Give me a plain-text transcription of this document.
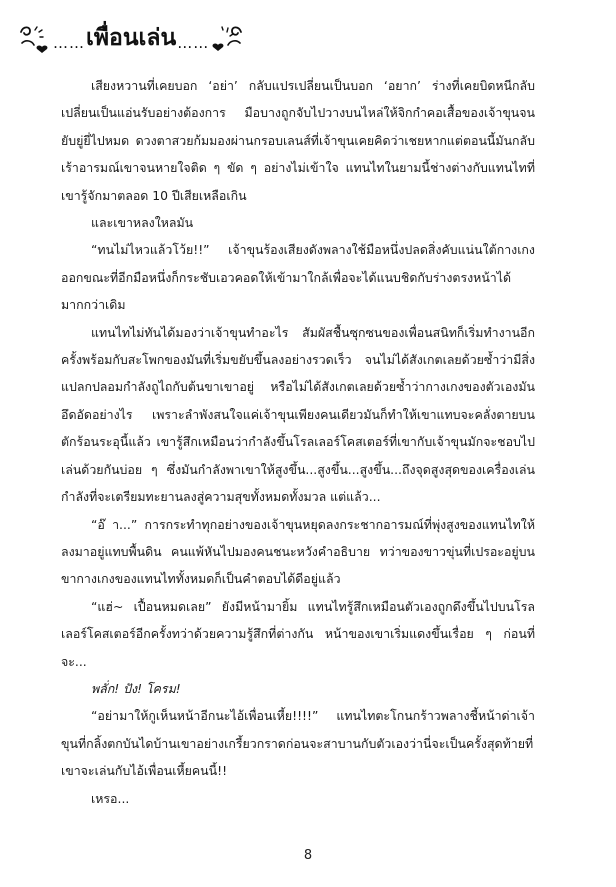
…… เพื่อนเล่น ……

เสียงหวานที่เคยบอก ‘อย่า’ กลับแปรเปลี่ยนเป็นบอก ‘อยาก’ ร่างที่เคยบิดหนีกลับเปลี่ยนเป็นแอ่นรับอย่างต้องการ มือบางถูกจับไปวางบนไหล่ให้จิกกำคอเสื้อของเจ้าขุนจนยับยู่ยี่ไปหมด ดวงตาสวยก้มมองผ่านกรอบเลนส์ที่เจ้าขุนเคยคิดว่าเชยหากแต่ตอนนี้มันกลับเร้าอารมณ์เขาจนหายใจติด ๆ ขัด ๆ อย่างไม่เข้าใจ แทนไทในยามนี้ช่างต่างกับแทนไทที่เขารู้จักมาตลอด 10 ปีเสียเหลือเกิน

และเขาหลงใหลมัน

“ทนไม่ไหวแล้วโว้ย!!” เจ้าขุนร้องเสียงดังพลางใช้มือหนึ่งปลดสิ่งคับแน่นใต้กางเกงออกขณะที่อีกมือหนึ่งก็กระชับเอวคอดให้เข้ามาใกล้เพื่อจะได้แนบชิดกับร่างตรงหน้าได้มากกว่าเดิม

แทนไทไม่ทันได้มองว่าเจ้าขุนทำอะไร สัมผัสชื้นซุกซนของเพื่อนสนิทก็เริ่มทำงานอีกครั้งพร้อมกับสะโพกของมันที่เริ่มขยับขึ้นลงอย่างรวดเร็ว จนไม่ได้สังเกตเลยด้วยซ้ำว่ามีสิ่งแปลกปลอมกำลังถูไถกับต้นขาเขาอยู่ หรือไม่ได้สังเกตเลยด้วยซ้ำว่ากางเกงของตัวเองมันอึดอัดอย่างไร เพราะลำพังสนใจแค่เจ้าขุนเพียงคนเดียวมันก็ทำให้เขาแทบจะคลั่งตายบนตักร้อนระอุนี้แล้ว เขารู้สึกเหมือนว่ากำลังขึ้นโรลเลอร์โคสเตอร์ที่เขากับเจ้าขุนมักจะชอบไปเล่นด้วยกันบ่อย ๆ ซึ่งมันกำลังพาเขาให้สูงขึ้น...สูงขึ้น...สูงขึ้น...ถึงจุดสูงสุดของเครื่องเล่น กำลังที่จะเตรียมทะยานลงสู่ความสุขทั้งหมดทั้งมวล แต่แล้ว...

“อ๊ า...” การกระทำทุกอย่างของเจ้าขุนหยุดลงกระชากอารมณ์ที่พุ่งสูงของแทนไทให้ลงมาอยู่แทบพื้นดิน คนแพ้หันไปมองคนชนะหวังคำอธิบาย ทว่าของขาวขุ่นที่เปรอะอยู่บนขากางเกงของแทนไททั้งหมดก็เป็นคำตอบได้ดีอยู่แล้ว

“แฮ่~ เปื้อนหมดเลย” ยังมีหน้ามายิ้ม แทนไทรู้สึกเหมือนตัวเองถูกดึงขึ้นไปบนโรลเลอร์โคสเตอร์อีกครั้งทว่าด้วยความรู้สึกที่ต่างกัน หน้าของเขาเริ่มแดงขึ้นเรื่อย ๆ ก่อนที่จะ...

พลั่ก! ปัง! โครม!

“อย่ามาให้กูเห็นหน้าอีกนะไอ้เพื่อนเหี้ย!!!!” แทนไทตะโกนกร้าวพลางชี้หน้าด่าเจ้าขุนที่กลิ้งตกบันไดบ้านเขาอย่างเกรี้ยวกราดก่อนจะสาบานกับตัวเองว่านี่จะเป็นครั้งสุดท้ายที่เขาจะเล่นกับไอ้เพื่อนเหี้ยคนนี้!!

เหรอ...

8
